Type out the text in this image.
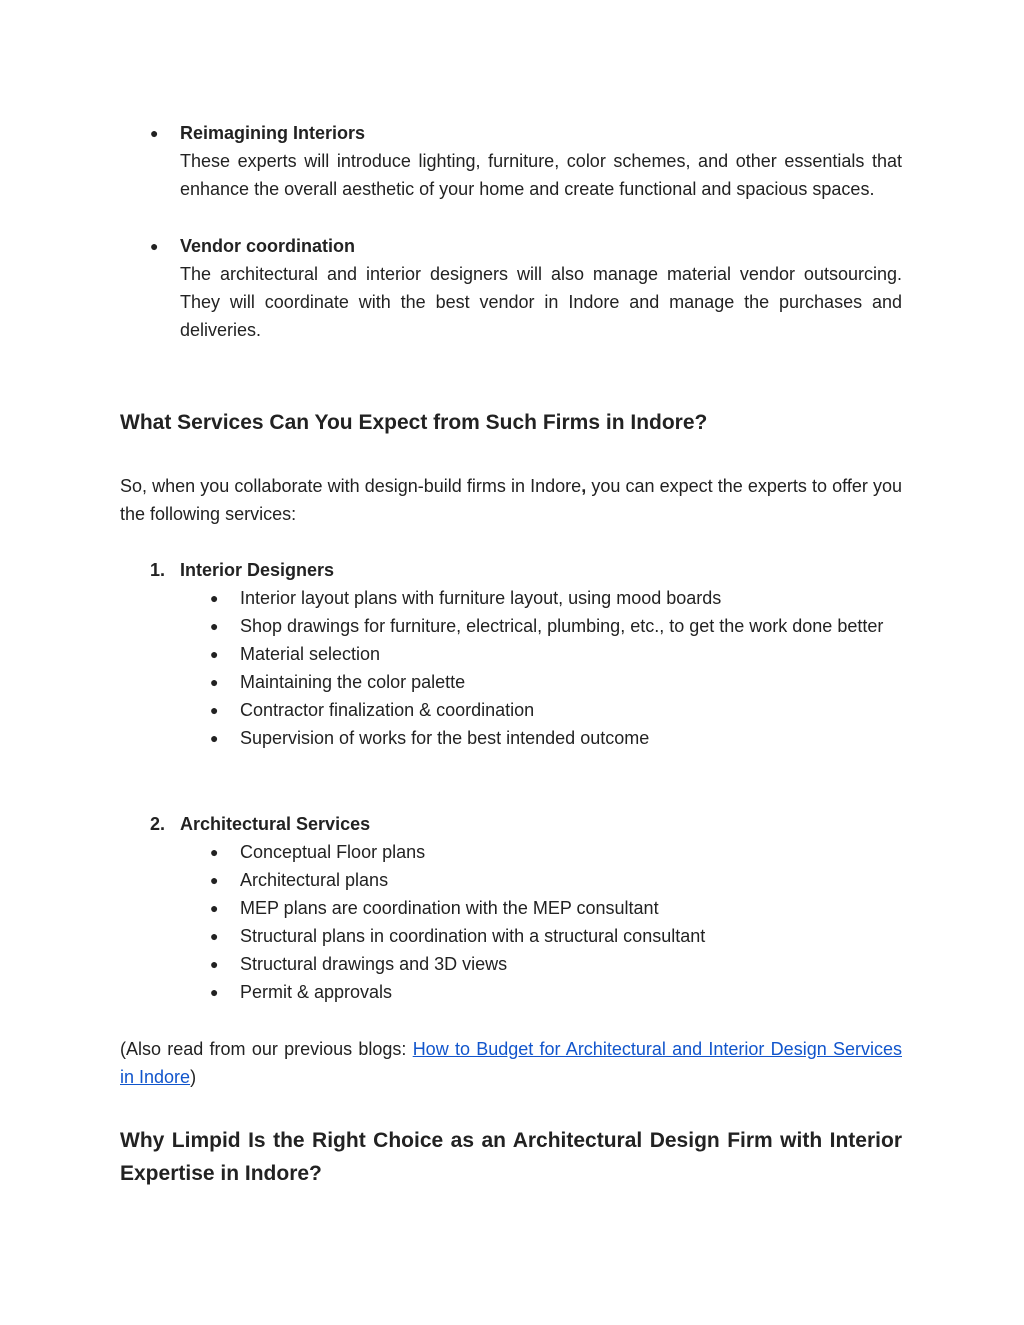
● Reimagining Interiors
These experts will introduce lighting, furniture, color schemes, and other essentials that enhance the overall aesthetic of your home and create functional and spacious spaces.
● Vendor coordination
The architectural and interior designers will also manage material vendor outsourcing. They will coordinate with the best vendor in Indore and manage the purchases and deliveries.
What Services Can You Expect from Such Firms in Indore?
So, when you collaborate with design-build firms in Indore, you can expect the experts to offer you the following services:
1. Interior Designers
● Interior layout plans with furniture layout, using mood boards
● Shop drawings for furniture, electrical, plumbing, etc., to get the work done better
● Material selection
● Maintaining the color palette
● Contractor finalization & coordination
● Supervision of works for the best intended outcome
2. Architectural Services
● Conceptual Floor plans
● Architectural plans
● MEP plans are coordination with the MEP consultant
● Structural plans in coordination with a structural consultant
● Structural drawings and 3D views
● Permit & approvals
(Also read from our previous blogs: How to Budget for Architectural and Interior Design Services in Indore)
Why Limpid Is the Right Choice as an Architectural Design Firm with Interior Expertise in Indore?
